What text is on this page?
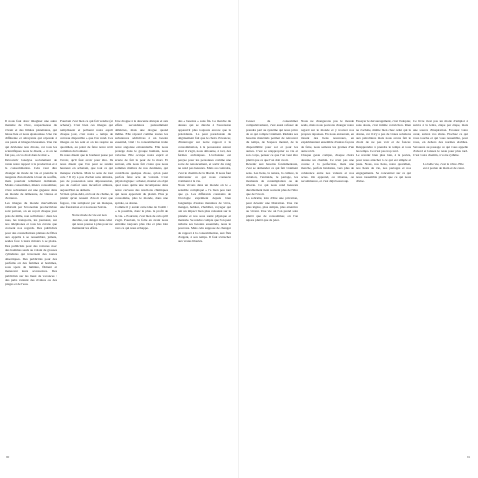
Il nous faut donc imaginer une autre manière de vivre, respectueuse du vivant et des limites planétaires, qui laisse lieu et nous épanouisse. Une vie différente et attrayante qui réponde à ces peurs et images blessantes. Une vie qui dévienne non dirons, car tous les scientifiques nous le disent, « si on ne fait pas, on va droit dans le mur ».

Découvrir lanalyse socialement de vente notre rapport à la production et à la consommation. Cela veut dire changer de mode de vie et prendre la tangente d'un modèle à bout de souffle, mais pourtant tellement dominant. Moins consommer, mieux consommer, vivre sobrement est une gageure dans un monde de démesure, de vitesse et d'errance.

Les images du monde merveilleux véhiculé par l'économie productiviste sont partout, on en reçoit chaque jour près de mille, non sollicitées : dans les rues, les transports, les journaux, sur nos téléphones et tous les écrans que croisent nos regards. Des publicités pour des constellations plaines de filles aux apprêts à se ressembler, jamais, seules face à leurs miroirs à se plaire. Des publicités pour des voitures avec des hommes seuls au volant de grosses cylindrées qui traversent des routes désertiques. Des publicités pour des parfums où des femmes et hommes, sous spots de lumière, filment et menacent leurs accessoires. Des publicités sur les lieux de vacances : des pubs vantant des rivières ou des plages et de l'eau.

Pourtant c'est bien ce qui fait vendre (et acheter). C'est bien ces images qui remplissent et polluent notre esprit chaque jour, c'est notre « temps de cerveau disponible » que l'on vend. Ces images on les sent et on les respire au quotidien, au point de faire notre récit commun du bonheur.

Ils nous disent que le bonheur passe par l'avoir, qu'il faut avoir pour être. Ils nous disent que l'on peut se rendre heureux en achetant, que tout ce qui manque s'achète. Mais le sens de tout cela ? Il n'y a pas d'achat sans détruire, pas de possession sans dépossession, pas de confort sans inconfort ailleurs, aujourd'hui ou demain.

Si bien qu'au-delà, en bout de chaîne, le plaisir qu'on ressent d'avoir n'est que fugace, vite remplacé par un manque, une frustration et à nouveau l'envie.

Notre mode de vie est non durable, son danger dans celui qui nous pousse à plus pour ne maintenir les effets.

Une drogue à la descente abrupte et aux effets secondaires puissamment délétères, mais une drogue quand même. Elle répond comme toutes les substances addictives à un besoin essentiel, vital : la consommation traite notre angoisse existentielle. Elle nous protège dans le groupe humain, nous valorise. Elle occupe notre esprit et écarte de fait la peur de la mort. Et surtout, elle nous fait croire que nous sommes maîtres de nos destinées, qui contrôlons quelque chose, qu'on peut parfois faire acte de volonté. C'est physiologique : acheter, monter en objet quoi nous quitte une récompense dans notre cerveau des réactions chimiques qui nous apportent du plaisir. Plus je consomme, plus le monde, dans une spirale, se donne.

Comme il y aurait cette idée de l'oubli : « le possible, donc le plus. le profit de la vie. » Pourtant, c'est bien de cela qu'il s'agit. Pourtant, la folie en avant nous entraîne toujours plus vite et plus loin vers ce qui nous échappe.

des « besoins » sans fin. La marche du dessus qui se dérobe à l'ascension appauvrit plus toujours encore que la précédente. La peur paradoxale du dégrisement fait que le choix d'avancer, d'interroger sur notre rapport à la consommation, à la possession autour dont il s'agit, nous détourne, à tort, des fermes archaïques. L'ordonnée est perçue pour les personnes comme une sorte de renoncement, et sortir du rang ne rend pas heureux. Mais au contraire, c'est le chemin de la liberté. Il nous faut réinventer ce qui nous connecte vraiment à la vie.

Nous vivons dans un monde où le « sensible compliqué » l'a bien peu tant que ça. Les différents constants de l'écologie expriment depuis bien longtemps d'autres manières de vivre, manger, habiter, s'habiller, voyager qui ont un impact bien plus raisonné sur la planète et nos sous santé physique et mentale. Se rendre compte que l'on peut réduire ses besoins essentiels, nous le pouvons. Mais cela suppose de changer de rapport à la consommation, aux flux d'argent, à son temps. Il faut s'attacher aux vraies libertés.

90

Cesser de consommer compulsivement, c'est aussi refuser de prendre part au système qui nous prive de ce qui compte vraiment. Réduire ses besoins matériels permet de retrouver du temps, de l'espace mental, de la disponibilité pour soi et pour les autres. C'est se réapproprier sa vie et son corps, penser ce que l'on veut être plutôt que ce que l'on doit avoir.

Revenir aux besoins fondamentaux, c'est se demander ce qui fait vraiment sens. Les liens, la nature, la culture, la création, l'entraide, le partage, les moments de contemplation ou de rêverie. Ce qui nous rend heureux durablement tient souvent plus de l'être que de l'avoir.

La sobriété, loin d'être une privation, peut devenir une libération. Une vie plus légère, plus simple, plus attentive au vivant. Une vie où l'on prend soin plutôt que de consommer, où l'on répare plutôt que de jeter.

Nous ne changerons pas le monde seuls, mais nous pouvons changer notre regard sur le monde et y trouver nos propres réponses. En nous entourant, en tissant des liens nouveaux, en expérimentant ensemble d'autres façons de faire, nous semons les graines d'un autre récit.

Chaque geste compte, chaque choix dessine un chemin. Ce n'est pas une course à la perfection, mais une marche, parfois hésitante, vers plus de cohérence entre nos valeurs et nos actes. On apprend, on tâtonne, on recommence, et c'est déjà beaucoup.

Essayer le découragement, c'est l'adopter, sans doute, c'est intime conviction. Rien ne s'achète, même bien chez celui qui la donne, car il n'y a pas de vraies solutions aux pétrolières mais nous avons fait le choix de ne pas voir et de foncer. Réapprendre à prendre le temps et tous les temps. Ce n'est pas trop tard.

Le revenir bien plus loin, à la portée, pour nous attacher à ce qui est simple et juste. Nous, nos liens, notre quotidien, nos lieux de vie, nos partages et nos engagements. Se concentrer sur ce qui nous rassemble plutôt que ce qui nous divise.

Ce livre n'est pas un mode d'emploi à suivre à la lettre, étape par étape, mais une source d'inspiration. Ecoutez votre cœur, suivez vos élans. Piochez ce qui vous touche et qui vous ressemble, pour vous, en dehors des normes établies. Savourez au passage ce qui vous appelle d'abord et laissez le reste pour plus tard. C'est votre chemin, à votre rythme.

La belle vie, c'est la vôtre. Elle est à portée de main et de cœur.
91
